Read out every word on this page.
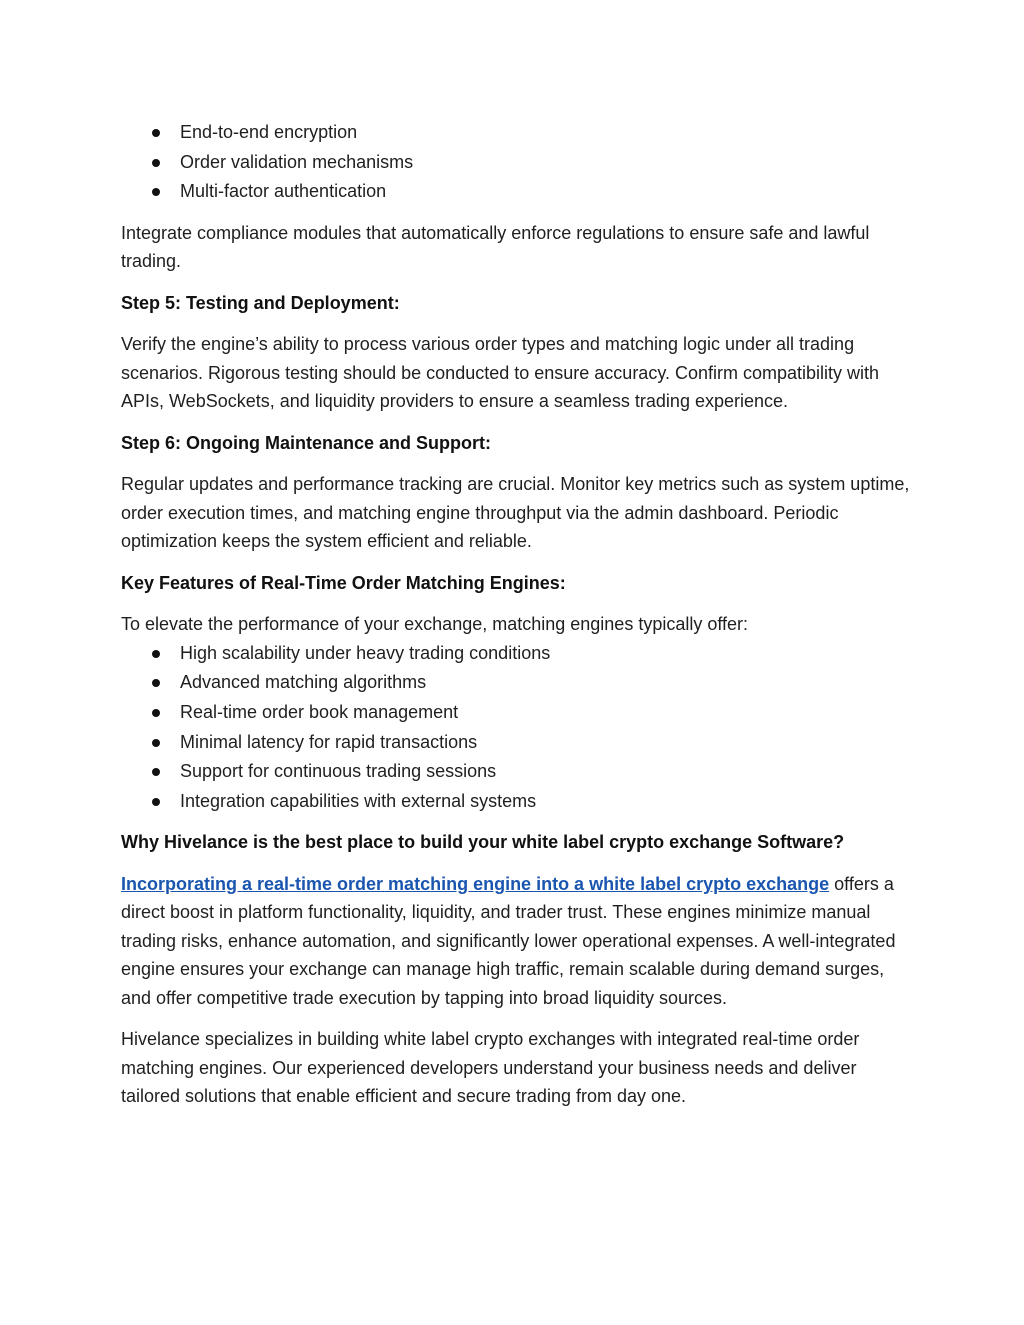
End-to-end encryption
Order validation mechanisms
Multi-factor authentication

Integrate compliance modules that automatically enforce regulations to ensure safe and lawful trading.

Step 5: Testing and Deployment:

Verify the engine’s ability to process various order types and matching logic under all trading scenarios. Rigorous testing should be conducted to ensure accuracy. Confirm compatibility with APIs, WebSockets, and liquidity providers to ensure a seamless trading experience.

Step 6: Ongoing Maintenance and Support:

Regular updates and performance tracking are crucial. Monitor key metrics such as system uptime, order execution times, and matching engine throughput via the admin dashboard. Periodic optimization keeps the system efficient and reliable.

Key Features of Real-Time Order Matching Engines:

To elevate the performance of your exchange, matching engines typically offer:

High scalability under heavy trading conditions
Advanced matching algorithms
Real-time order book management
Minimal latency for rapid transactions
Support for continuous trading sessions
Integration capabilities with external systems

Why Hivelance is the best place to build your white label crypto exchange Software?

Incorporating a real-time order matching engine into a white label crypto exchange offers a direct boost in platform functionality, liquidity, and trader trust. These engines minimize manual trading risks, enhance automation, and significantly lower operational expenses. A well-integrated engine ensures your exchange can manage high traffic, remain scalable during demand surges, and offer competitive trade execution by tapping into broad liquidity sources.

Hivelance specializes in building white label crypto exchanges with integrated real-time order matching engines. Our experienced developers understand your business needs and deliver tailored solutions that enable efficient and secure trading from day one.
